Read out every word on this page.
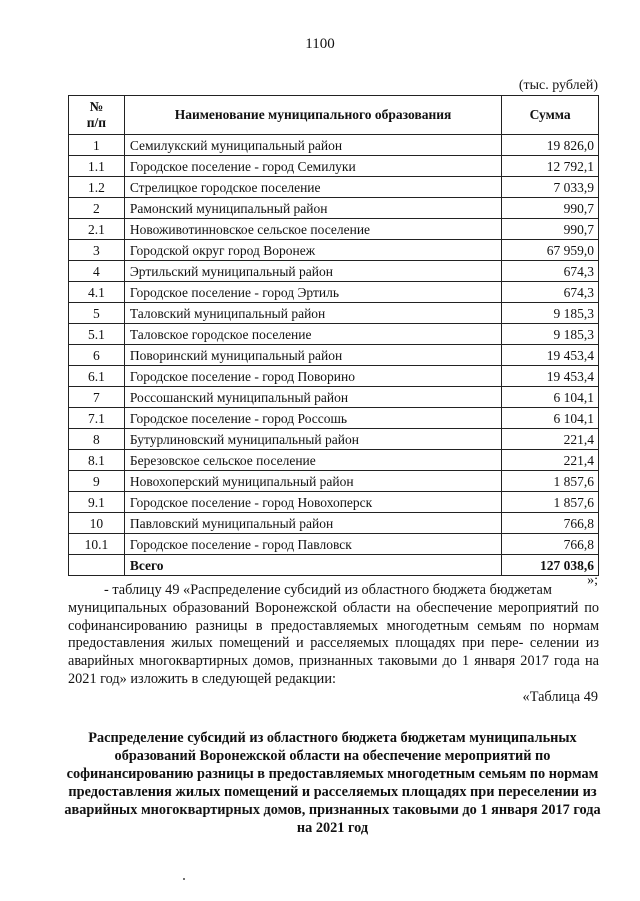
1100
(тыс. рублей)
№
п/п	Наименование муниципального образования	Сумма
1	Семилукский муниципальный район	19 826,0
1.1	Городское поселение - город Семилуки	12 792,1
1.2	Стрелицкое городское поселение	7 033,9
2	Рамонский муниципальный район	990,7
2.1	Новоживотинновское сельское поселение	990,7
3	Городской округ город Воронеж	67 959,0
4	Эртильский муниципальный район	674,3
4.1	Городское поселение - город Эртиль	674,3
5	Таловский муниципальный район	9 185,3
5.1	Таловское городское поселение	9 185,3
6	Поворинский муниципальный район	19 453,4
6.1	Городское поселение - город Поворино	19 453,4
7	Россошанский муниципальный район	6 104,1
7.1	Городское поселение - город Россошь	6 104,1
8	Бутурлиновский муниципальный район	221,4
8.1	Березовское сельское поселение	221,4
9	Новохоперский муниципальный район	1 857,6
9.1	Городское поселение - город Новохоперск	1 857,6
10	Павловский муниципальный район	766,8
10.1	Городское поселение - город Павловск	766,8
	Всего	127 038,6
»;
- таблицу 49 «Распределение субсидий из областного бюджета бюджетам
муниципальных образований Воронежской области на обеспечение мероприятий по софинансированию разницы в предоставляемых многодетным семьям по нормам предоставления жилых помещений и расселяемых площадях при пере- селении из аварийных многоквартирных домов, признанных таковыми до 1 января 2017 года на 2021 год» изложить в следующей редакции:
«Таблица 49
Распределение субсидий из областного бюджета бюджетам муниципальных образований Воронежской области на обеспечение мероприятий по софинансированию разницы в предоставляемых многодетным семьям по нормам предоставления жилых помещений и расселяемых площадях при переселении из аварийных многоквартирных домов, признанных таковыми до 1 января 2017 года на 2021 год
